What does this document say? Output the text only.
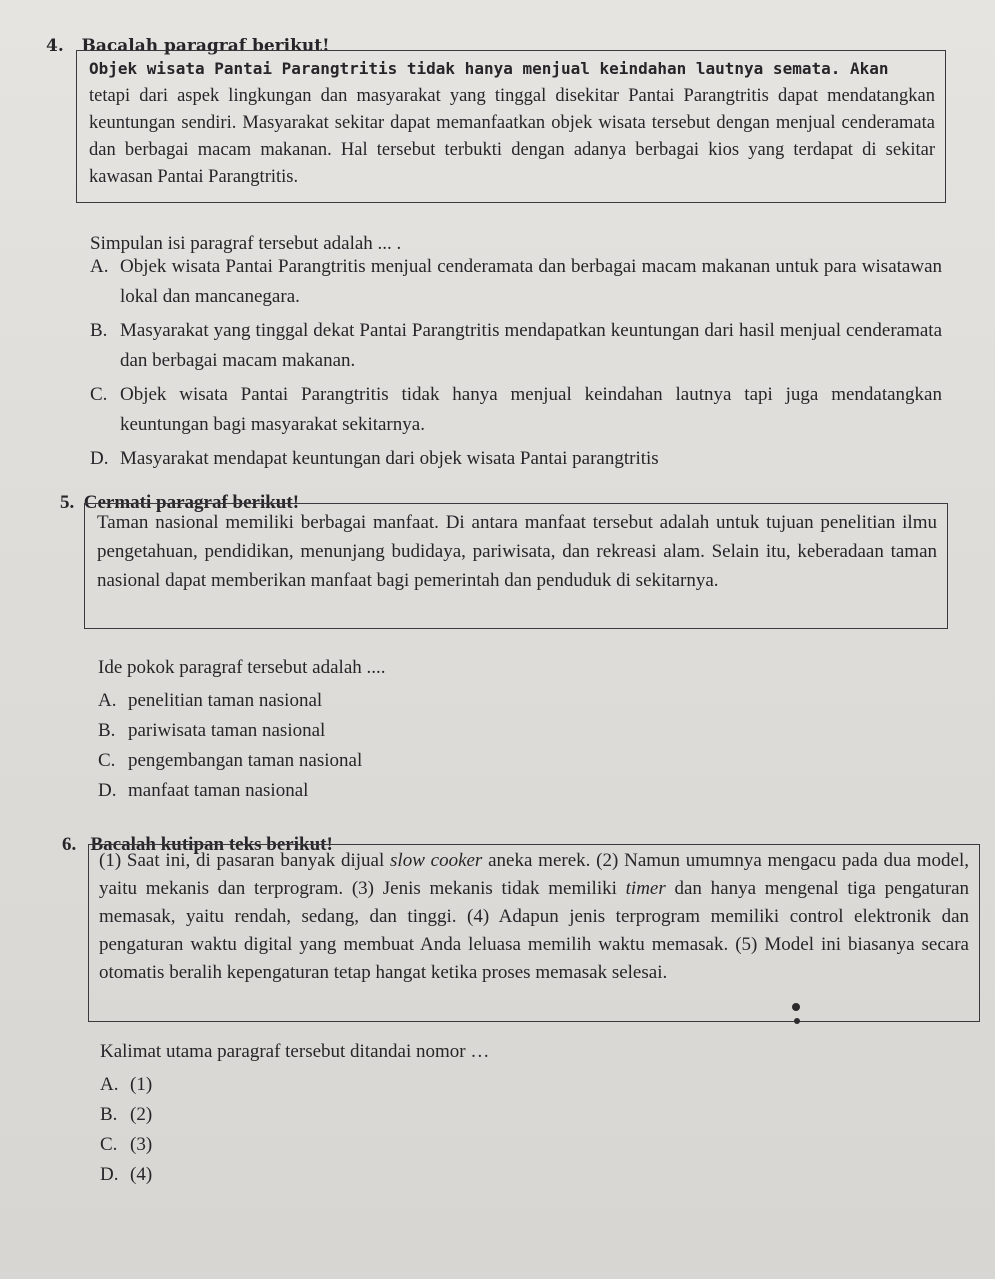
4. Bacalah paragraf berikut!

Objek wisata Pantai Parangtritis tidak hanya menjual keindahan lautnya semata. Akan

tetapi dari aspek lingkungan dan masyarakat yang tinggal disekitar Pantai Parangtritis dapat mendatangkan keuntungan sendiri. Masyarakat sekitar dapat memanfaatkan objek wisata tersebut dengan menjual cenderamata dan berbagai macam makanan. Hal tersebut terbukti dengan adanya berbagai kios yang terdapat di sekitar kawasan Pantai Parangtritis.

Simpulan isi paragraf tersebut adalah ... .
A. Objek wisata Pantai Parangtritis menjual cenderamata dan berbagai macam makanan untuk para wisatawan lokal dan mancanegara.
B. Masyarakat yang tinggal dekat Pantai Parangtritis mendapatkan keuntungan dari hasil menjual cenderamata dan berbagai macam makanan.
C. Objek wisata Pantai Parangtritis tidak hanya menjual keindahan lautnya tapi juga mendatangkan keuntungan bagi masyarakat sekitarnya.
D. Masyarakat mendapat keuntungan dari objek wisata Pantai parangtritis
5. Cermati paragraf berikut!

Taman nasional memiliki berbagai manfaat. Di antara manfaat tersebut adalah untuk tujuan penelitian ilmu pengetahuan, pendidikan, menunjang budidaya, pariwisata, dan rekreasi alam. Selain itu, keberadaan taman nasional dapat memberikan manfaat bagi pemerintah dan penduduk di sekitarnya.

Ide pokok paragraf tersebut adalah ....
A. penelitian taman nasional
B. pariwisata taman nasional
C. pengembangan taman nasional
D. manfaat taman nasional
6. Bacalah kutipan teks berikut!

(1) Saat ini, di pasaran banyak dijual slow cooker aneka merek. (2) Namun umumnya mengacu pada dua model, yaitu mekanis dan terprogram. (3) Jenis mekanis tidak memiliki timer dan hanya mengenal tiga pengaturan memasak, yaitu rendah, sedang, dan tinggi. (4) Adapun jenis terprogram memiliki control elektronik dan pengaturan waktu digital yang membuat Anda leluasa memilih waktu memasak. (5) Model ini biasanya secara otomatis beralih kepengaturan tetap hangat ketika proses memasak selesai.

Kalimat utama paragraf tersebut ditandai nomor …
A. (1)
B. (2)
C. (3)
D. (4)
